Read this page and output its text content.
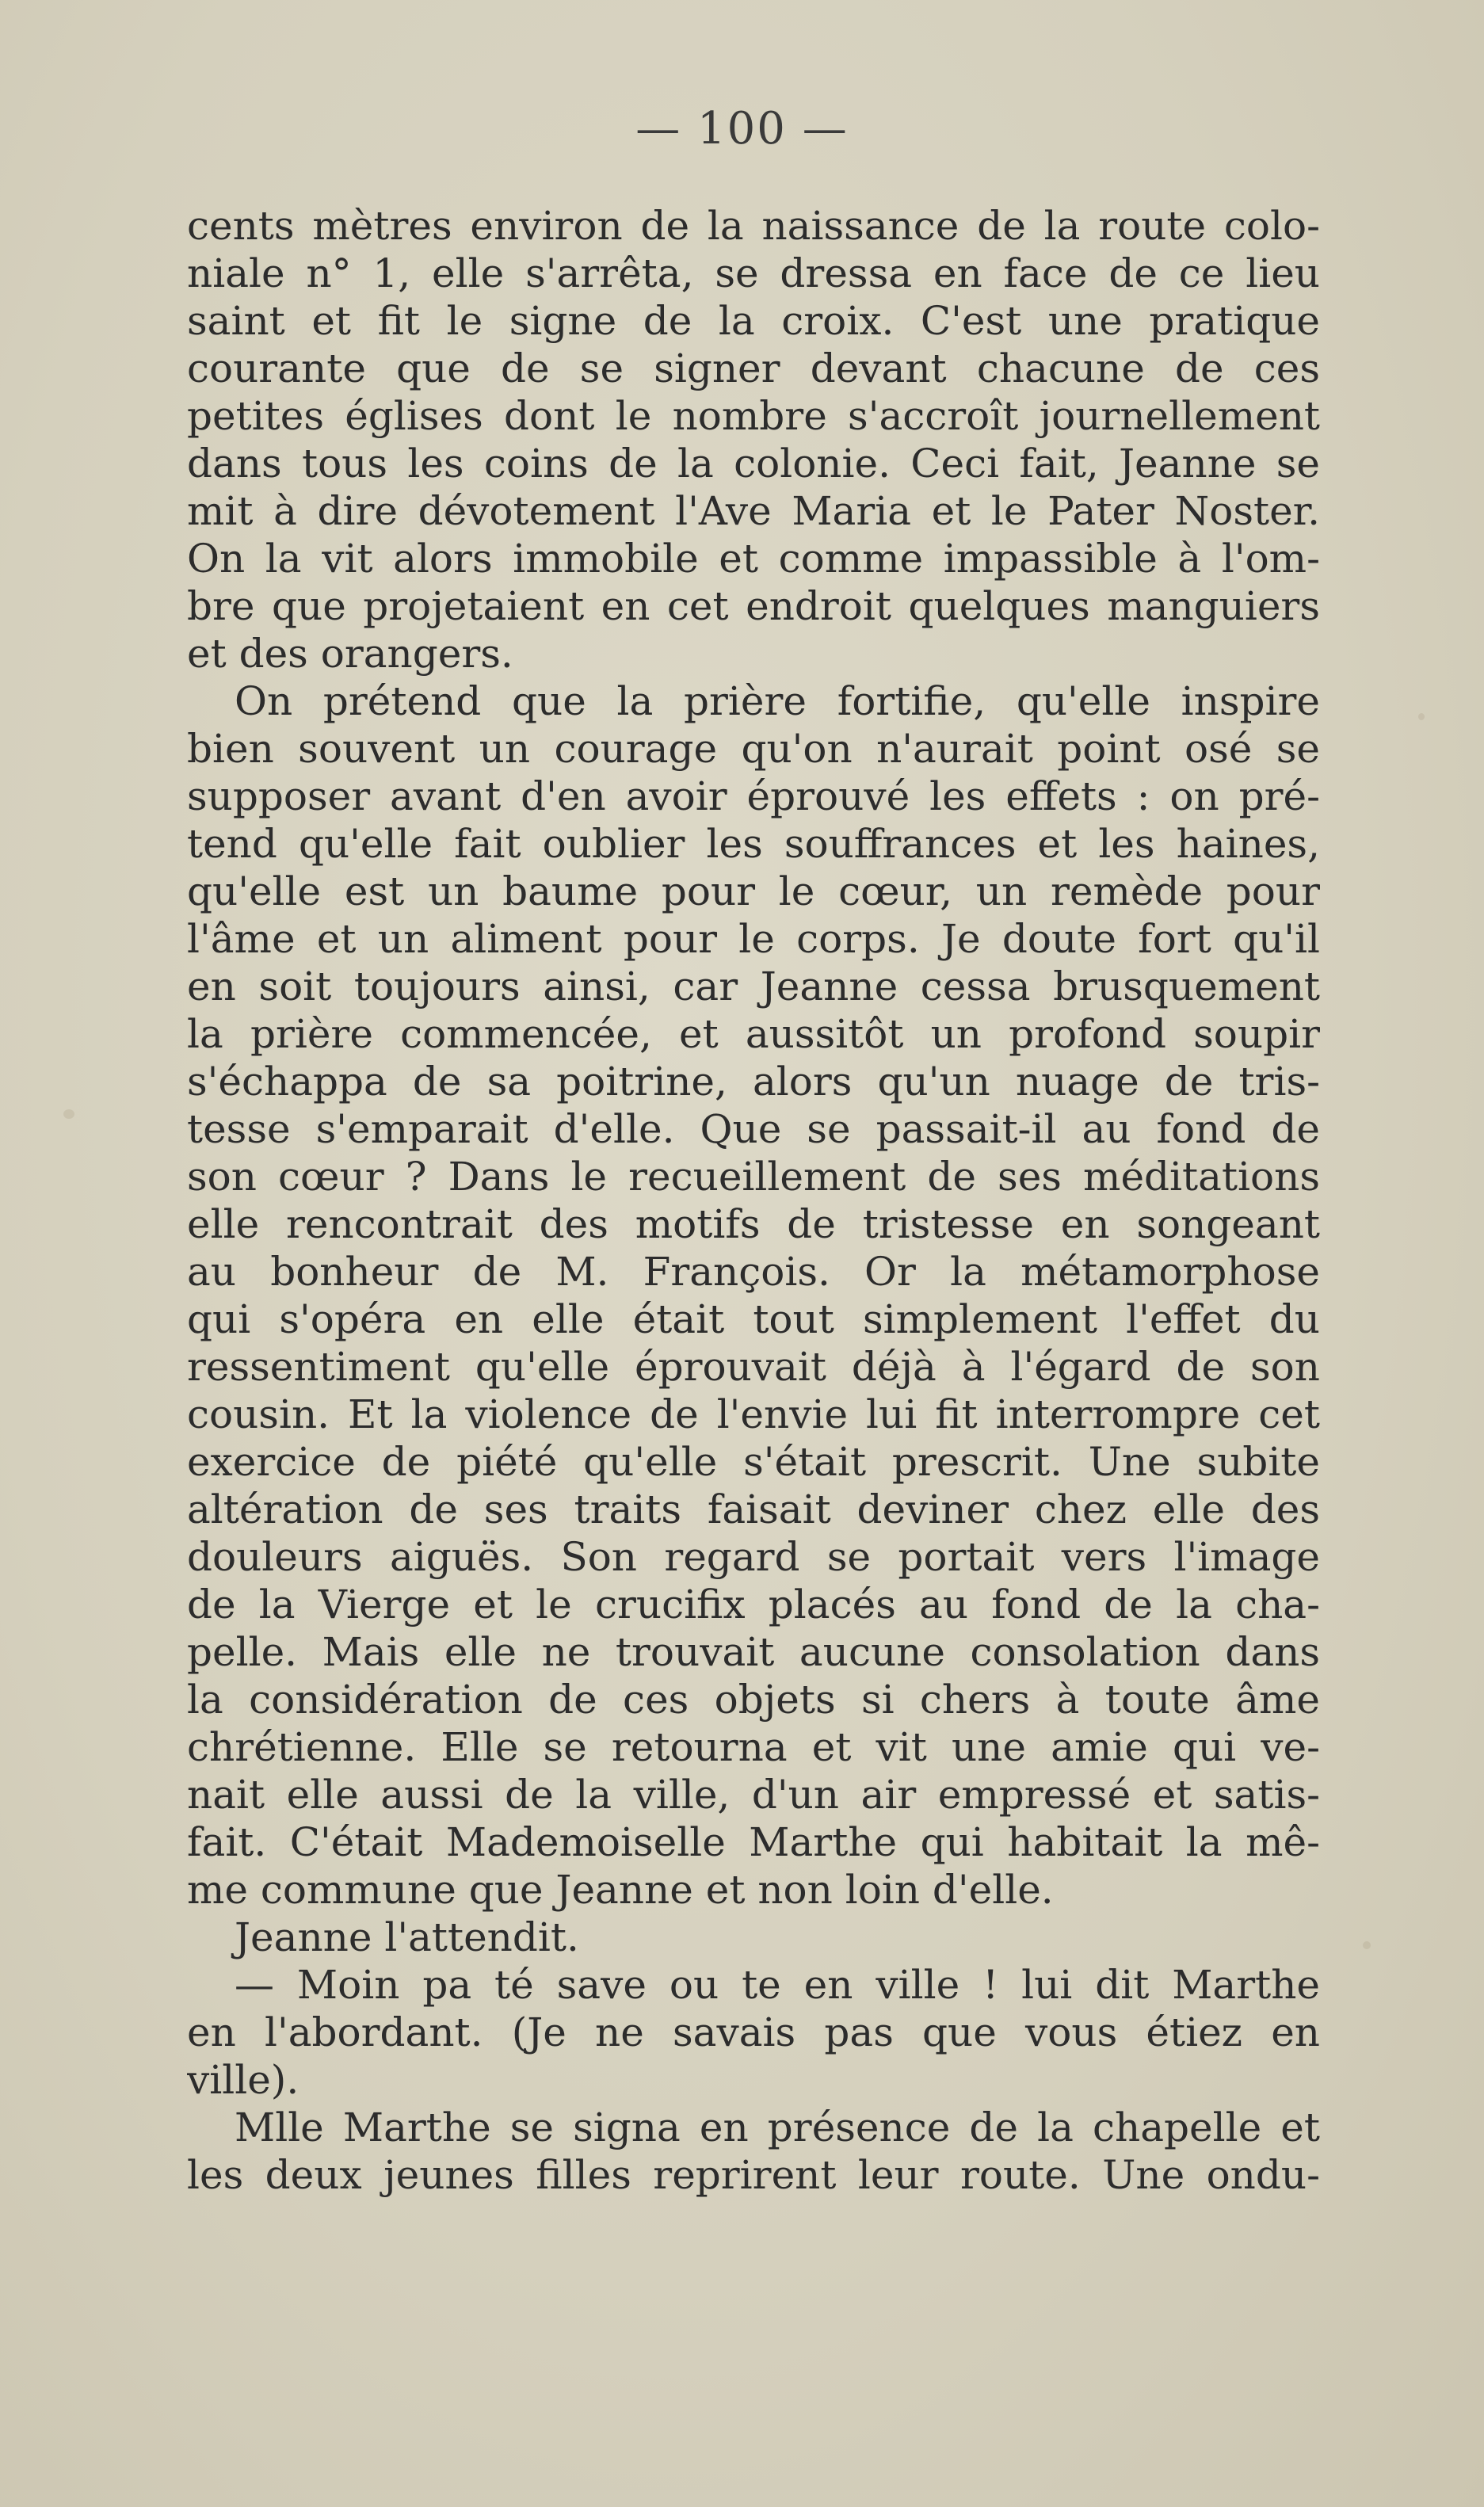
— 100 —
cents mètres environ de la naissance de la route colo-
niale n° 1, elle s'arrêta, se dressa en face de ce lieu
saint et fit le signe de la croix. C'est une pratique
courante que de se signer devant chacune de ces
petites églises dont le nombre s'accroît journellement
dans tous les coins de la colonie. Ceci fait, Jeanne se
mit à dire dévotement l'Ave Maria et le Pater Noster.
On la vit alors immobile et comme impassible à l'om-
bre que projetaient en cet endroit quelques manguiers
et des orangers.
On prétend que la prière fortifie, qu'elle inspire
bien souvent un courage qu'on n'aurait point osé se
supposer avant d'en avoir éprouvé les effets : on pré-
tend qu'elle fait oublier les souffrances et les haines,
qu'elle est un baume pour le cœur, un remède pour
l'âme et un aliment pour le corps. Je doute fort qu'il
en soit toujours ainsi, car Jeanne cessa brusquement
la prière commencée, et aussitôt un profond soupir
s'échappa de sa poitrine, alors qu'un nuage de tris-
tesse s'emparait d'elle. Que se passait-il au fond de
son cœur ? Dans le recueillement de ses méditations
elle rencontrait des motifs de tristesse en songeant
au bonheur de M. François. Or la métamorphose
qui s'opéra en elle était tout simplement l'effet du
ressentiment qu'elle éprouvait déjà à l'égard de son
cousin. Et la violence de l'envie lui fit interrompre cet
exercice de piété qu'elle s'était prescrit. Une subite
altération de ses traits faisait deviner chez elle des
douleurs aiguës. Son regard se portait vers l'image
de la Vierge et le crucifix placés au fond de la cha-
pelle. Mais elle ne trouvait aucune consolation dans
la considération de ces objets si chers à toute âme
chrétienne. Elle se retourna et vit une amie qui ve-
nait elle aussi de la ville, d'un air empressé et satis-
fait. C'était Mademoiselle Marthe qui habitait la mê-
me commune que Jeanne et non loin d'elle.
Jeanne l'attendit.
— Moin pa té save ou te en ville ! lui dit Marthe
en l'abordant. (Je ne savais pas que vous étiez en
ville).
Mlle Marthe se signa en présence de la chapelle et
les deux jeunes filles reprirent leur route. Une ondu-
